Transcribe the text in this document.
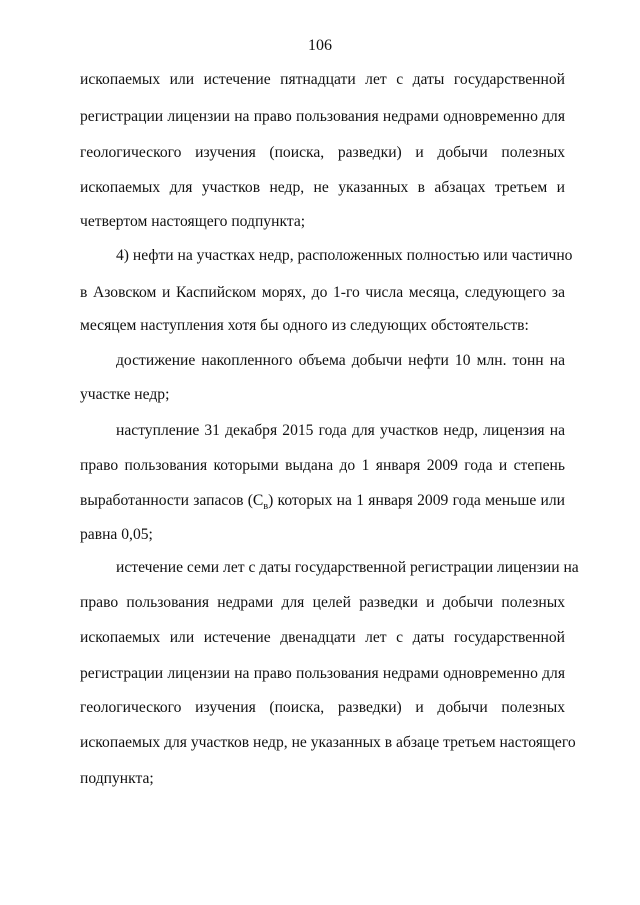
106

ископаемых или истечение пятнадцати лет с даты государственной

регистрации лицензии на право пользования недрами одновременно для

геологического изучения (поиска, разведки) и добычи полезных

ископаемых для участков недр, не указанных в абзацах третьем и

четвертом настоящего подпункта;

4) нефти на участках недр, расположенных полностью или частично

в Азовском и Каспийском морях, до 1-го числа месяца, следующего за

месяцем наступления хотя бы одного из следующих обстоятельств:

достижение накопленного объема добычи нефти 10 млн. тонн на

участке недр;

наступление 31 декабря 2015 года для участков недр, лицензия на

право пользования которыми выдана до 1 января 2009 года и степень

выработанности запасов $(С_в)$ которых на 1 января 2009 года меньше или

равна 0,05;

истечение семи лет с даты государственной регистрации лицензии на

право пользования недрами для целей разведки и добычи полезных

ископаемых или истечение двенадцати лет с даты государственной

регистрации лицензии на право пользования недрами одновременно для

геологического изучения (поиска, разведки) и добычи полезных

ископаемых для участков недр, не указанных в абзаце третьем настоящего

подпункта;
